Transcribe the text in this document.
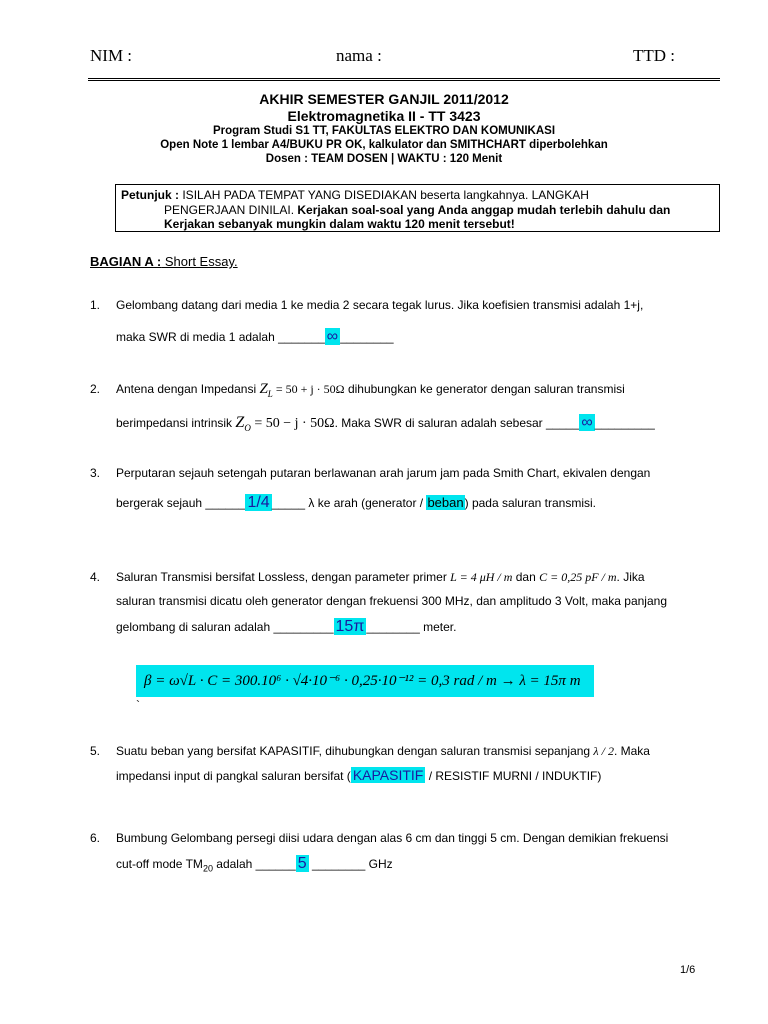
NIM :	nama :	TTD :
AKHIR SEMESTER GANJIL 2011/2012
Elektromagnetika II - TT 3423
Program Studi S1 TT, FAKULTAS ELEKTRO DAN KOMUNIKASI
Open Note 1 lembar A4/BUKU PR OK, kalkulator dan SMITHCHART diperbolehkan
Dosen : TEAM DOSEN | WAKTU : 120 Menit
Petunjuk : ISILAH PADA TEMPAT YANG DISEDIAKAN beserta langkahnya. LANGKAH
PENGERJAAN DINILAI. Kerjakan soal-soal yang Anda anggap mudah terlebih dahulu dan
Kerjakan sebanyak mungkin dalam waktu 120 menit tersebut!
BAGIAN A : Short Essay.
1. Gelombang datang dari media 1 ke media 2 secara tegak lurus. Jika koefisien transmisi adalah 1+j,
maka SWR di media 1 adalah _______ ∞ ________
2. Antena dengan Impedansi $Z_L = 50 + j \cdot 50\Omega$ dihubungkan ke generator dengan saluran transmisi
berimpedansi intrinsik $Z_O = 50 - j \cdot 50\Omega$. Maka SWR di saluran adalah sebesar _____ ∞ _________
3. Perputaran sejauh setengah putaran berlawanan arah jarum jam pada Smith Chart, ekivalen dengan
bergerak sejauh ______ 1/4 _____ λ ke arah (generator / beban) pada saluran transmisi.
4. Saluran Transmisi bersifat Lossless, dengan parameter primer L = 4 μH / m dan C = 0,25 pF / m. Jika
saluran transmisi dicatu oleh generator dengan frekuensi 300 MHz, dan amplitudo 3 Volt, maka panjang
gelombang di saluran adalah _________ 15π ________ meter.
β = ω√L · C = 300.10⁶ · √4·10⁻⁶ · 0,25·10⁻¹² = 0,3 rad / m → λ = 15π m
`
5. Suatu beban yang bersifat KAPASITIF, dihubungkan dengan saluran transmisi sepanjang λ / 2. Maka
impedansi input di pangkal saluran bersifat ( KAPASITIF / RESISTIF MURNI / INDUKTIF)
6. Bumbung Gelombang persegi diisi udara dengan alas 6 cm dan tinggi 5 cm. Dengan demikian frekuensi
cut-off mode $TM_{20}$ adalah ______ 5 ________ GHz
1/6
